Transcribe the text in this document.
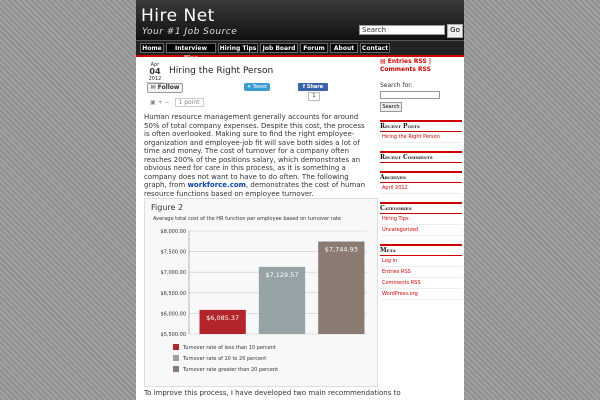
Hire Net
Your #1 Job Source	Search	Go
Home	Interview Tips
Hiring Tips	Job Board	Forum	About	Contact
Apr
04
2012
Hiring the Right Person
✉ Follow	✦ Tweet	f Share
1
▣ + − 1 point
Human resource management generally accounts for around 50% of total company expenses. Despite this cost, the process is often overlooked. Making sure to find the right employee-organization and employee-job fit will save both sides a lot of time and money. The cost of turnover for a company often reaches 200% of the positions salary, which demonstrates an obvious need for care in this process, as it is something a company does not want to have to do often. The following graph, from workforce.com, demonstrates the cost of human resource functions based on employee turnover.
Figure 2
Average total cost of the HR function per employee based on turnover rate
$5,500.00
$6,000.00
$6,500.00
$7,000.00
$7,500.00
$8,000.00
$6,085.37
$7,129.57
$7,744.93
Turnover rate of less than 10 percent
Turnover rate of 10 to 20 percent
Turnover rate greater than 20 percent
To improve this process, I have developed two main recommendations to
▤ Entries RSS | Comments RSS
Search for:
Search
Recent Posts
Hiring the Right Person
Recent Comments
Archives
April 2012
Categories
Hiring Tips
Uncategorized
Meta
Log in
Entries RSS
Comments RSS
WordPress.org
